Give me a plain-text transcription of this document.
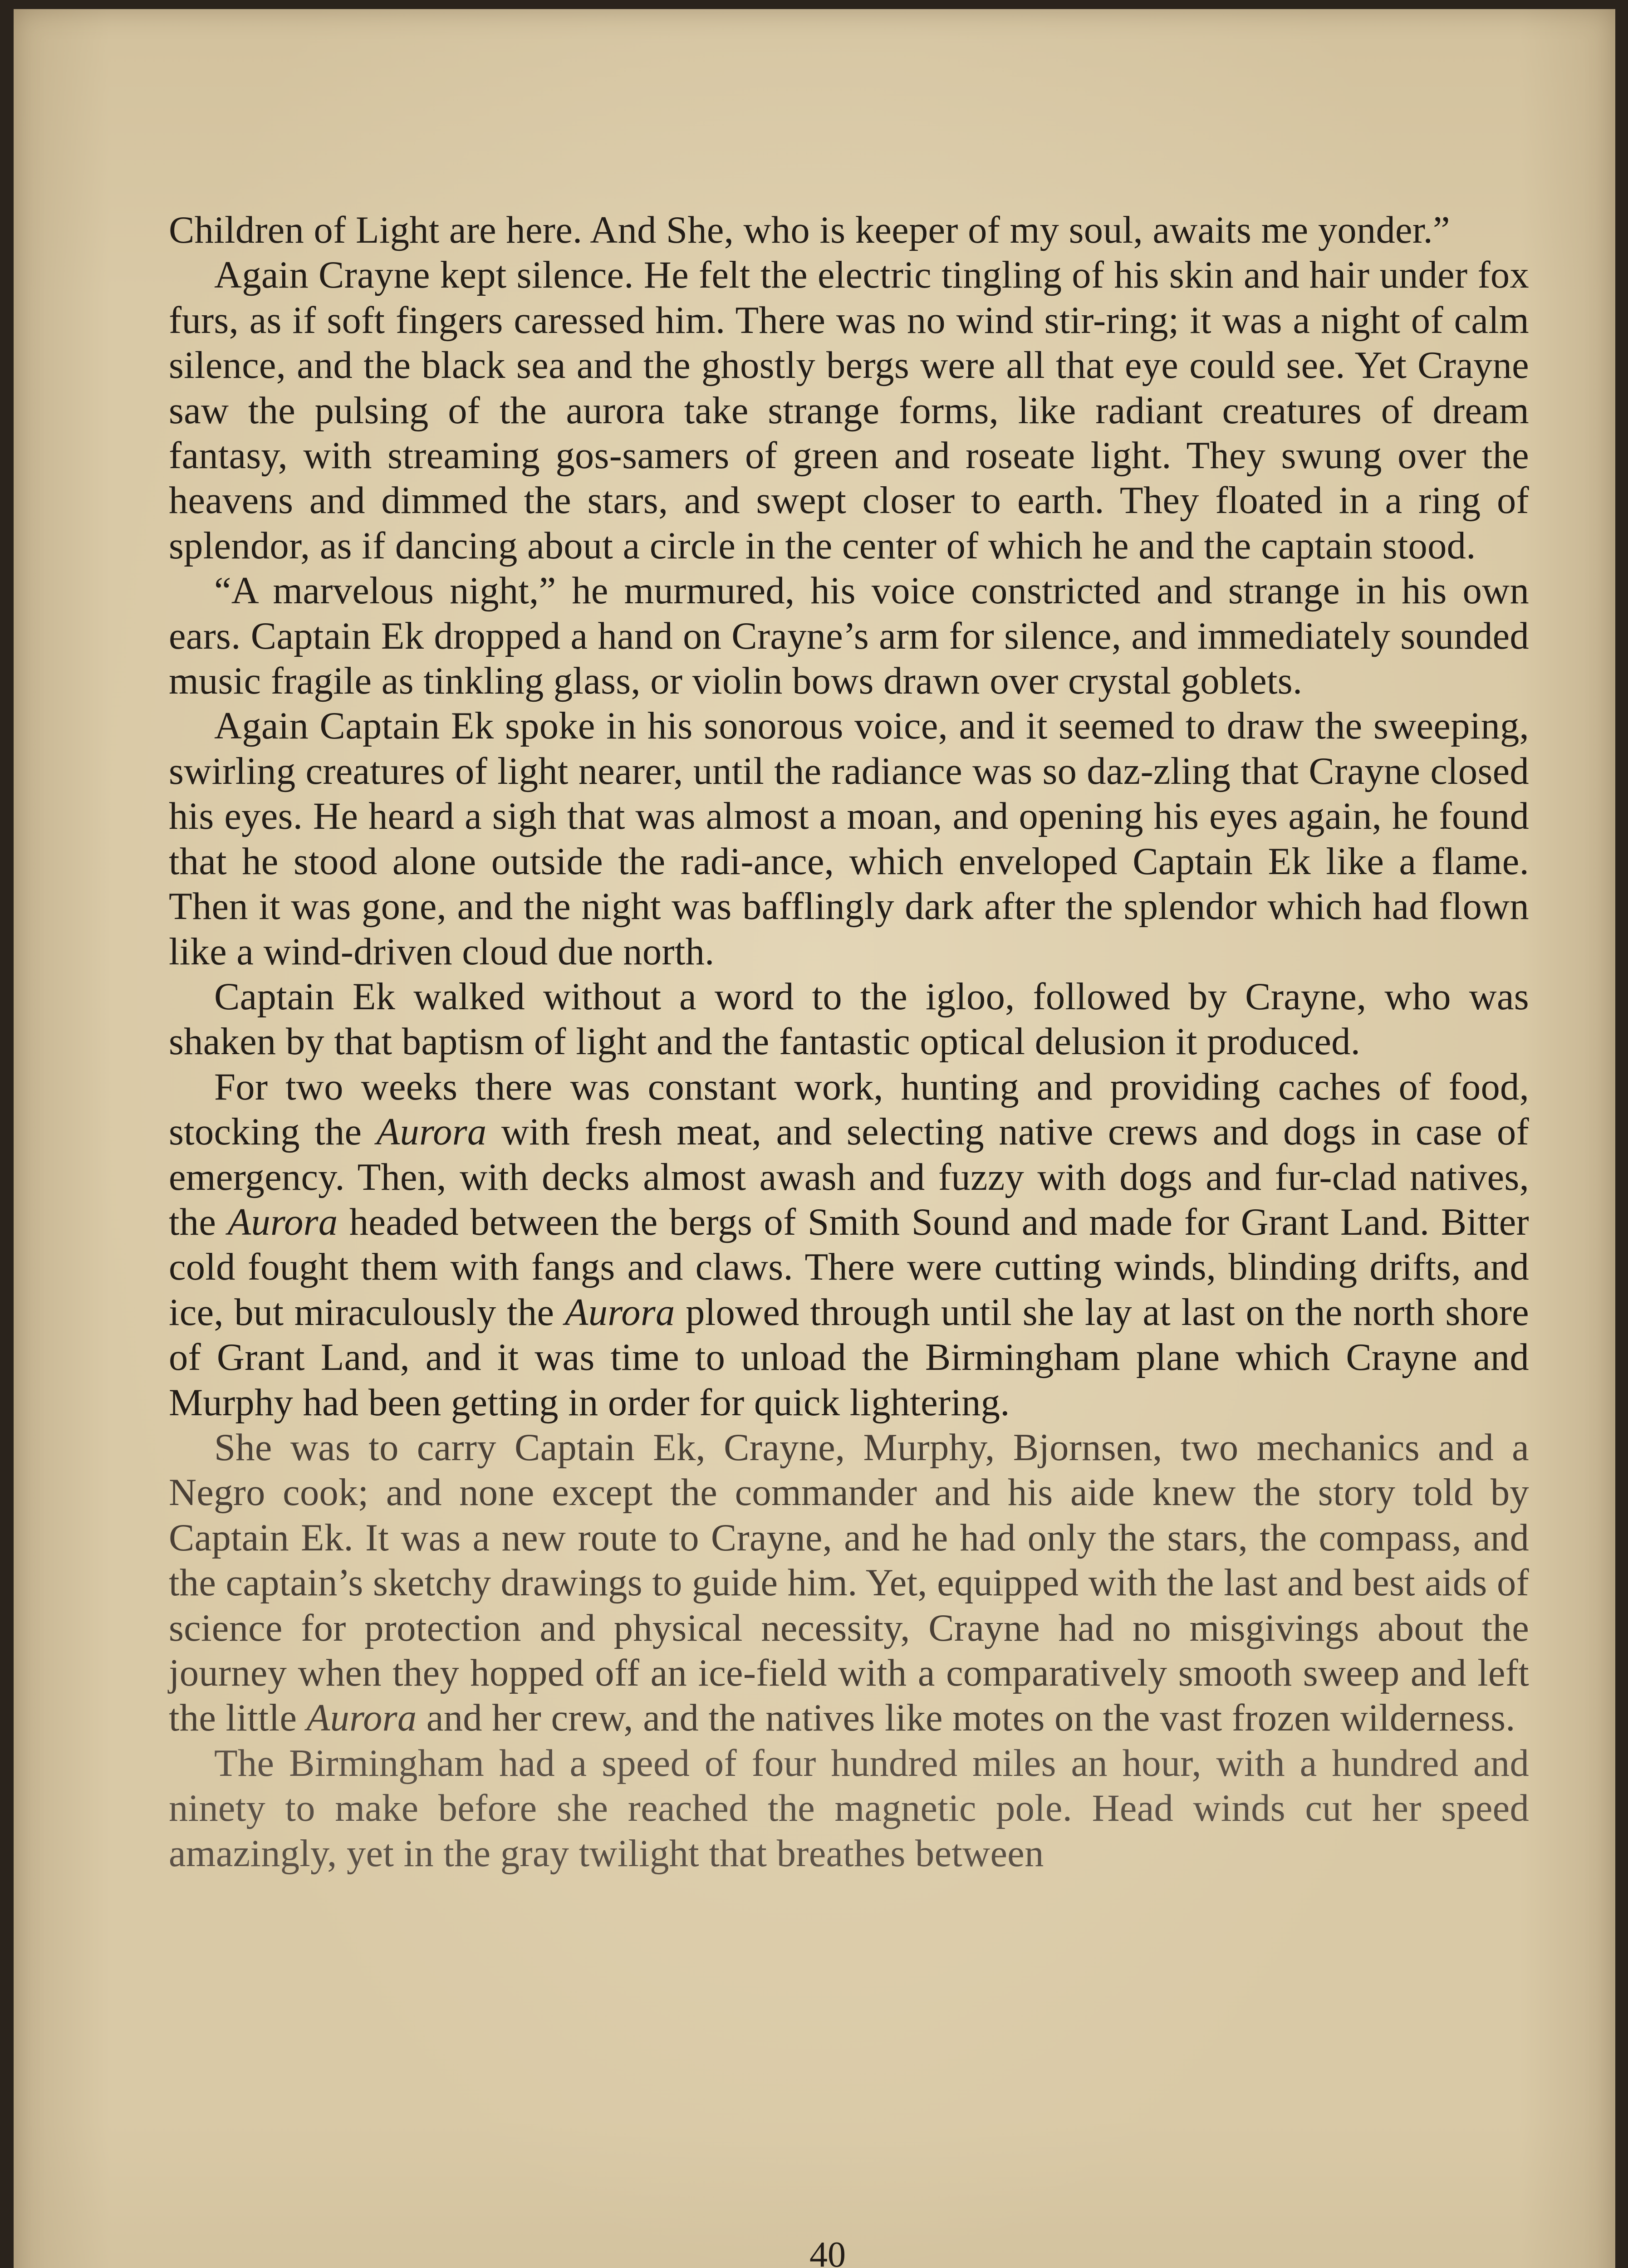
Children of Light are here. And She, who is keeper of my soul, awaits me yonder.”

Again Crayne kept silence. He felt the electric tingling of his skin and hair under fox furs, as if soft fingers caressed him. There was no wind stir-ring; it was a night of calm silence, and the black sea and the ghostly bergs were all that eye could see. Yet Crayne saw the pulsing of the aurora take strange forms, like radiant creatures of dream fantasy, with streaming gos-samers of green and roseate light. They swung over the heavens and dimmed the stars, and swept closer to earth. They floated in a ring of splendor, as if dancing about a circle in the center of which he and the captain stood.

“A marvelous night,” he murmured, his voice constricted and strange in his own ears. Captain Ek dropped a hand on Crayne’s arm for silence, and immediately sounded music fragile as tinkling glass, or violin bows drawn over crystal goblets.

Again Captain Ek spoke in his sonorous voice, and it seemed to draw the sweeping, swirling creatures of light nearer, until the radiance was so daz-zling that Crayne closed his eyes. He heard a sigh that was almost a moan, and opening his eyes again, he found that he stood alone outside the radi-ance, which enveloped Captain Ek like a flame. Then it was gone, and the night was bafflingly dark after the splendor which had flown like a wind-driven cloud due north.

Captain Ek walked without a word to the igloo, followed by Crayne, who was shaken by that baptism of light and the fantastic optical delusion it produced.

For two weeks there was constant work, hunting and providing caches of food, stocking the Aurora with fresh meat, and selecting native crews and dogs in case of emergency. Then, with decks almost awash and fuzzy with dogs and fur-clad natives, the Aurora headed between the bergs of Smith Sound and made for Grant Land. Bitter cold fought them with fangs and claws. There were cutting winds, blinding drifts, and ice, but miraculously the Aurora plowed through until she lay at last on the north shore of Grant Land, and it was time to unload the Birmingham plane which Crayne and Murphy had been getting in order for quick lightering.

She was to carry Captain Ek, Crayne, Murphy, Bjornsen, two mechanics and a Negro cook; and none except the commander and his aide knew the story told by Captain Ek. It was a new route to Crayne, and he had only the stars, the compass, and the captain’s sketchy drawings to guide him. Yet, equipped with the last and best aids of science for protection and physical necessity, Crayne had no misgivings about the journey when they hopped off an ice-field with a comparatively smooth sweep and left the little Aurora and her crew, and the natives like motes on the vast frozen wilderness.

The Birmingham had a speed of four hundred miles an hour, with a hundred and ninety to make before she reached the magnetic pole. Head winds cut her speed amazingly, yet in the gray twilight that breathes between

40
